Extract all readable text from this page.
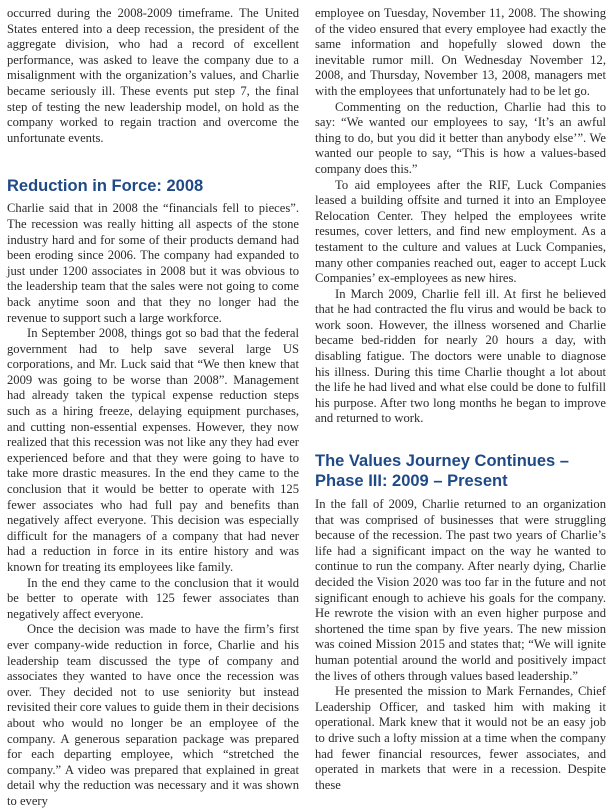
occurred during the 2008-2009 timeframe. The United States entered into a deep recession, the president of the aggregate division, who had a record of excellent performance, was asked to leave the company due to a misalignment with the organization’s values, and Charlie became seriously ill. These events put step 7, the final step of testing the new leadership model, on hold as the company worked to regain traction and overcome the unfortunate events.

Reduction in Force: 2008

Charlie said that in 2008 the “financials fell to pieces”. The recession was really hitting all aspects of the stone industry hard and for some of their products demand had been eroding since 2006. The company had expanded to just under 1200 associates in 2008 but it was obvious to the leadership team that the sales were not going to come back anytime soon and that they no longer had the revenue to support such a large workforce.

In September 2008, things got so bad that the federal government had to help save several large US corporations, and Mr. Luck said that “We then knew that 2009 was going to be worse than 2008”. Management had already taken the typical expense reduction steps such as a hiring freeze, delaying equipment purchases, and cutting non-essential expenses. However, they now realized that this recession was not like any they had ever experienced before and that they were going to have to take more drastic measures. In the end they came to the conclusion that it would be better to operate with 125 fewer associates who had full pay and benefits than negatively affect everyone. This decision was especially difficult for the managers of a company that had never had a reduction in force in its entire history and was known for treating its employees like family.

In the end they came to the conclusion that it would be better to operate with 125 fewer associates than negatively affect everyone.

Once the decision was made to have the firm’s first ever company-wide reduction in force, Charlie and his leadership team discussed the type of company and associates they wanted to have once the recession was over. They decided not to use seniority but instead revisited their core values to guide them in their decisions about who would no longer be an employee of the company. A generous separation package was prepared for each departing employee, which “stretched the company.” A video was prepared that explained in great detail why the reduction was necessary and it was shown to every

employee on Tuesday, November 11, 2008. The showing of the video ensured that every employee had exactly the same information and hopefully slowed down the inevitable rumor mill. On Wednesday November 12, 2008, and Thursday, November 13, 2008, managers met with the employees that unfortunately had to be let go.

Commenting on the reduction, Charlie had this to say: “We wanted our employees to say, ‘It’s an awful thing to do, but you did it better than anybody else’”. We wanted our people to say, “This is how a values-based company does this.”

To aid employees after the RIF, Luck Companies leased a building offsite and turned it into an Employee Relocation Center. They helped the employees write resumes, cover letters, and find new employment. As a testament to the culture and values at Luck Companies, many other companies reached out, eager to accept Luck Companies’ ex-employees as new hires.

In March 2009, Charlie fell ill. At first he believed that he had contracted the flu virus and would be back to work soon. However, the illness worsened and Charlie became bed-ridden for nearly 20 hours a day, with disabling fatigue. The doctors were unable to diagnose his illness. During this time Charlie thought a lot about the life he had lived and what else could be done to fulfill his purpose. After two long months he began to improve and returned to work.

The Values Journey Continues – Phase III: 2009 – Present

In the fall of 2009, Charlie returned to an organization that was comprised of businesses that were struggling because of the recession. The past two years of Charlie’s life had a significant impact on the way he wanted to continue to run the company. After nearly dying, Charlie decided the Vision 2020 was too far in the future and not significant enough to achieve his goals for the company. He rewrote the vision with an even higher purpose and shortened the time span by five years. The new mission was coined Mission 2015 and states that; “We will ignite human potential around the world and positively impact the lives of others through values based leadership.”

He presented the mission to Mark Fernandes, Chief Leadership Officer, and tasked him with making it operational. Mark knew that it would not be an easy job to drive such a lofty mission at a time when the company had fewer financial resources, fewer associates, and operated in markets that were in a recession. Despite these
